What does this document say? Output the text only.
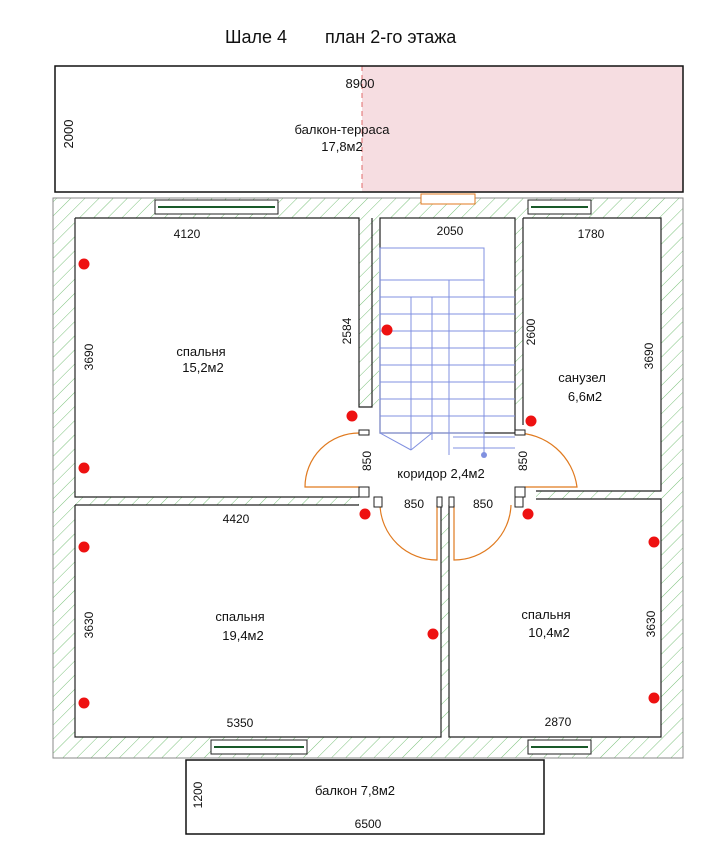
Шале 4 план 2-го этажа
8900
2000	балкон-терраса
17,8м2
балкон 7,8м2
1200
6500
спальня
15,2м2
санузел
6,6м2
коридор 2,4м2
спальня
19,4м2
спальня
10,4м2
4120
3690
2050
2584	2600
1780
3690
850	850
850	850
4420
3630
5350	2870
3630
